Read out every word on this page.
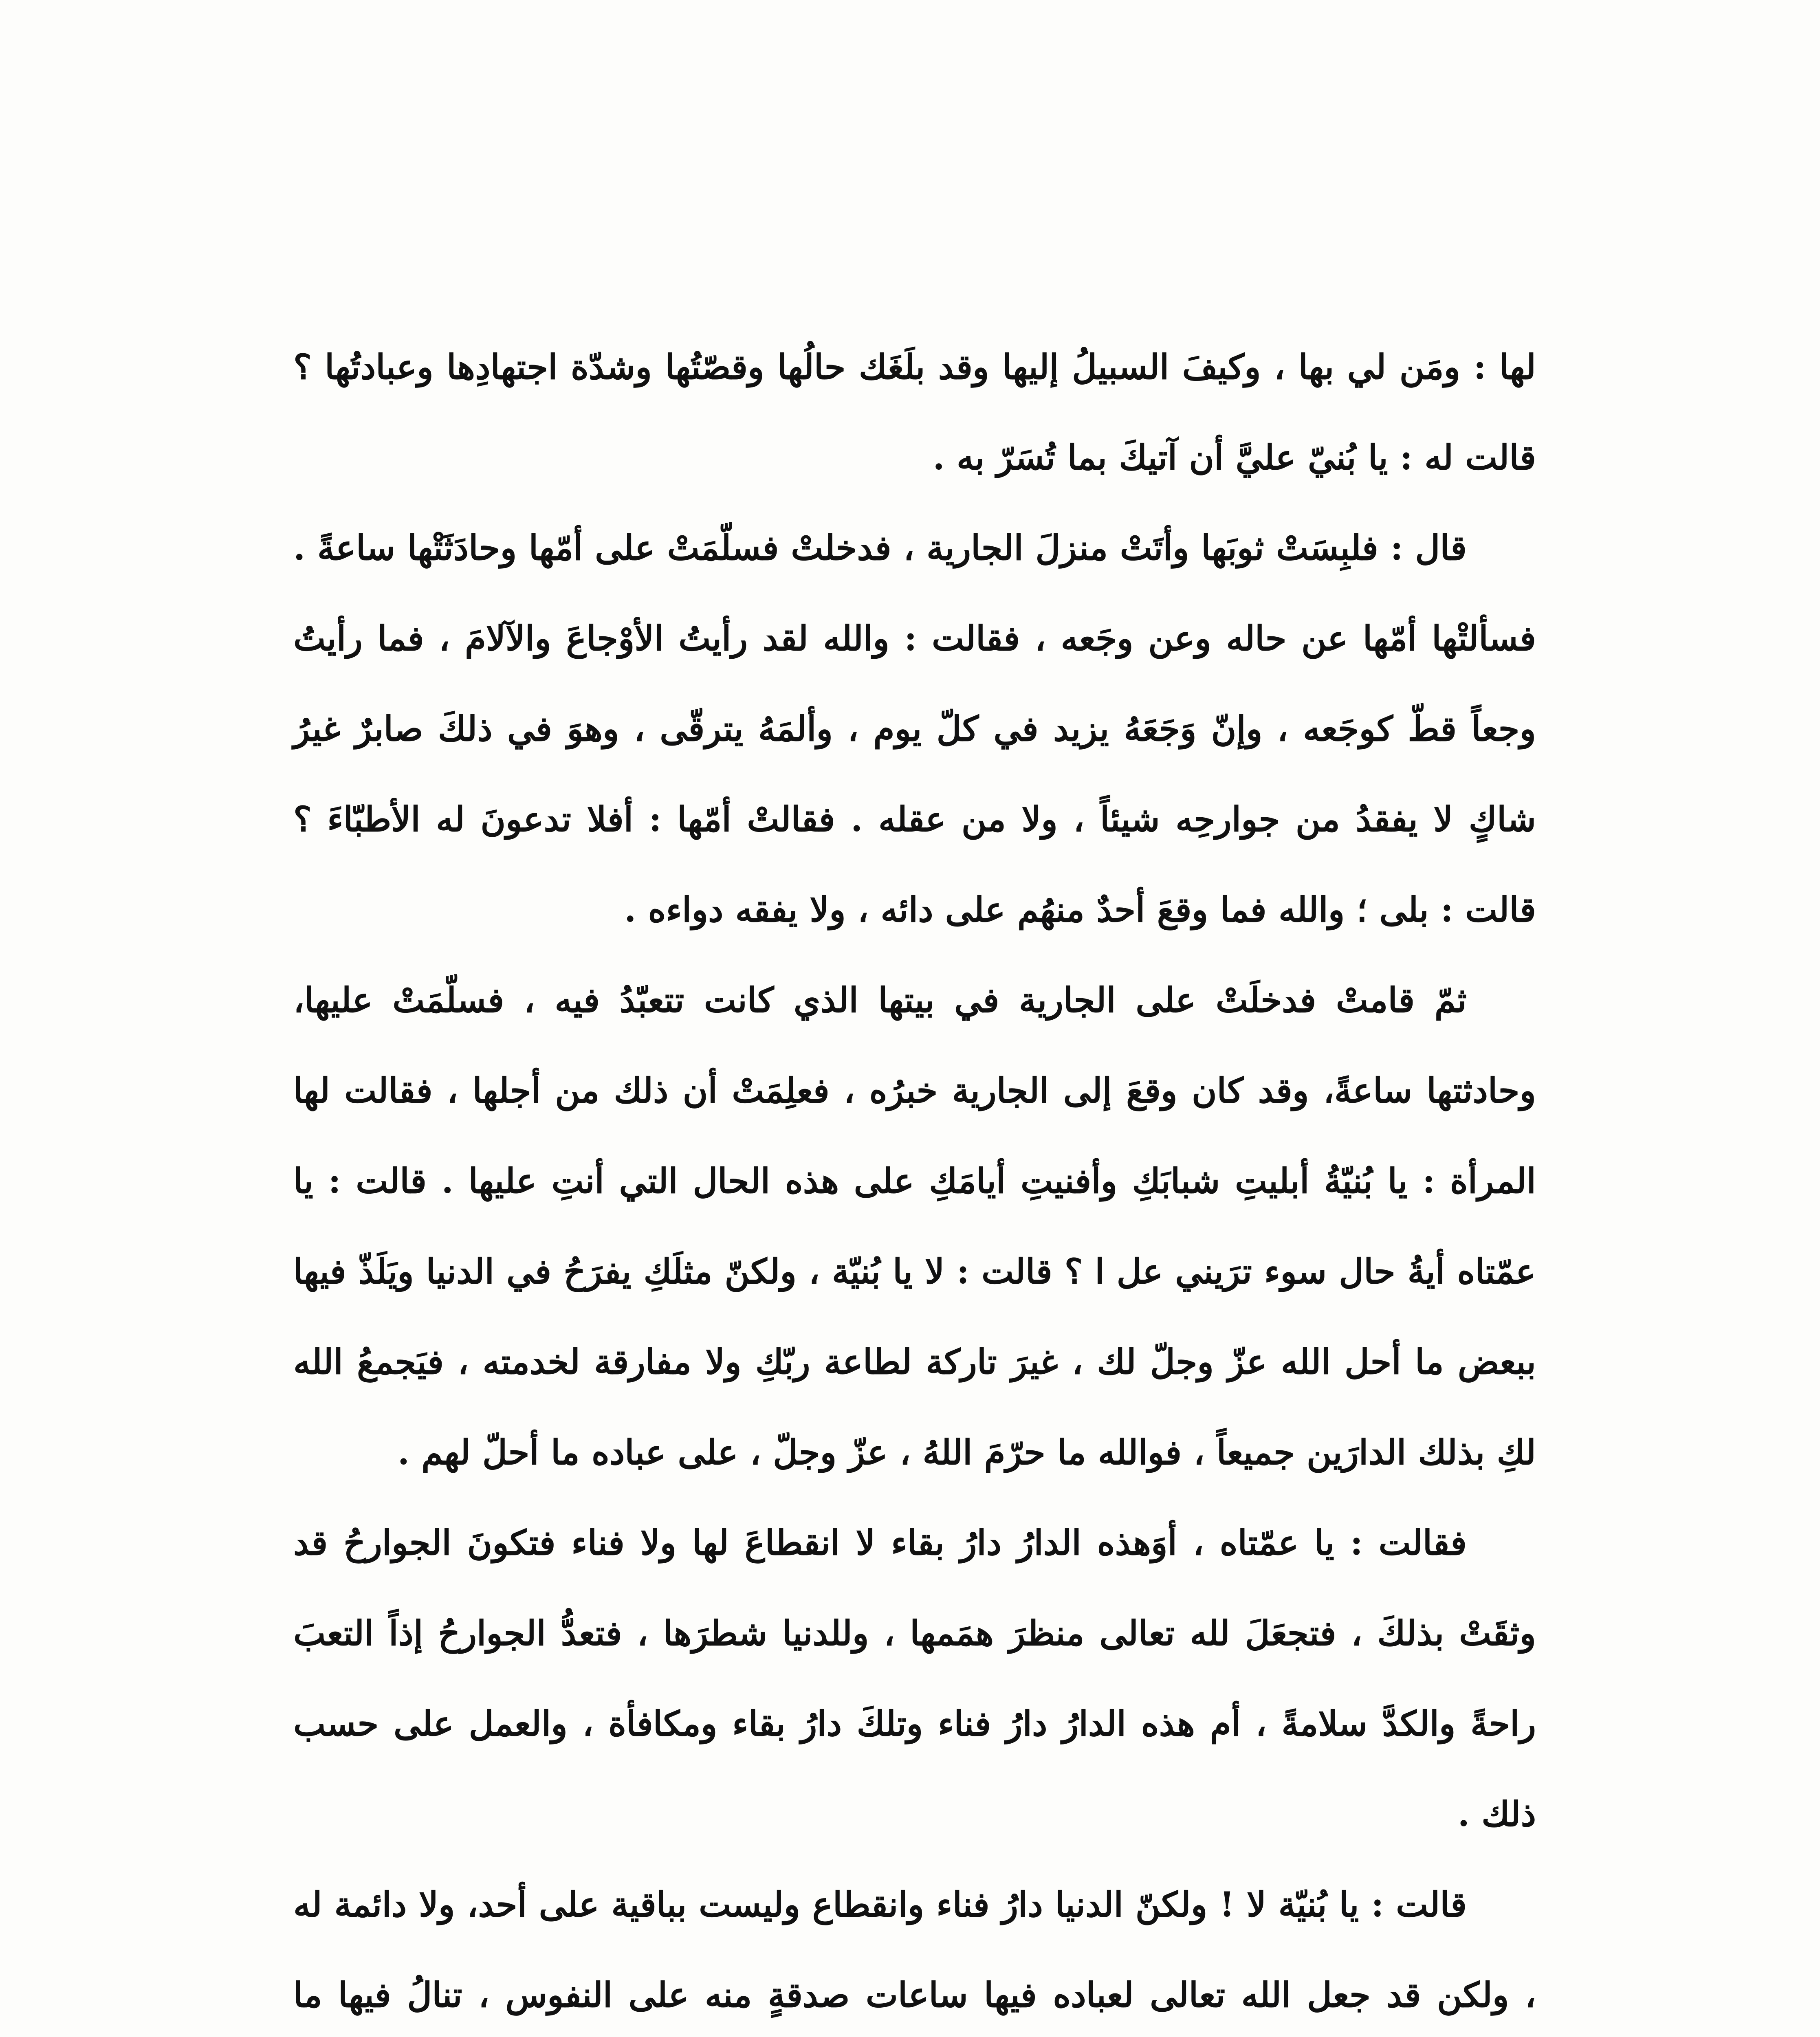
لها : ومَن لي بها ، وكيفَ السبيلُ إليها وقد بلَغَك حالُها وقصّتُها وشدّة اجتهادِها وعبادتُها ؟ قالت له : يا بُنيّ عليَّ أن آتيكَ بما تُسَرّ به .

قال : فلبِسَتْ ثوبَها وأتَتْ منزلَ الجارية ، فدخلتْ فسلّمَتْ على أمّها وحادَثَتْها ساعةً . فسألتْها أمّها عن حاله وعن وجَعه ، فقالت : والله لقد رأيتُ الأوْجاعَ والآلامَ ، فما رأيتُ وجعاً قطّ كوجَعه ، وإنّ وَجَعَهُ يزيد في كلّ يوم ، وألمَهُ يترقّى ، وهوَ في ذلكَ صابرٌ غيرُ شاكٍ لا يفقدُ من جوارحِه شيئاً ، ولا من عقله . فقالتْ أمّها : أفلا تدعونَ له الأطبّاءَ ؟ قالت : بلى ؛ والله فما وقعَ أحدٌ منهُم على دائه ، ولا يفقه دواءه .

ثمّ قامتْ فدخلَتْ على الجارية في بيتها الذي كانت تتعبّدُ فيه ، فسلّمَتْ عليها، وحادثتها ساعةً، وقد كان وقعَ إلى الجارية خبرُه ، فعلِمَتْ أن ذلك من أجلها ، فقالت لها المرأة : يا بُنيّةُ أبليتِ شبابَكِ وأفنيتِ أيامَكِ على هذه الحال التي أنتِ عليها . قالت : يا عمّتاه أيةُ حال سوء ترَيني عل ا ؟ قالت : لا يا بُنيّة ، ولكنّ مثلَكِ يفرَحُ في الدنيا ويَلَذّ فيها ببعض ما أحل الله عزّ وجلّ لك ، غيرَ تاركة لطاعة ربّكِ ولا مفارقة لخدمته ، فيَجمعُ الله لكِ بذلك الدارَين جميعاً ، فوالله ما حرّمَ اللهُ ، عزّ وجلّ ، على عباده ما أحلّ لهم .

فقالت : يا عمّتاه ، أوَهذه الدارُ دارُ بقاء لا انقطاعَ لها ولا فناء فتكونَ الجوارحُ قد وثقَتْ بذلكَ ، فتجعَلَ لله تعالى منظرَ همَمها ، وللدنيا شطرَها ، فتعدُّ الجوارحُ إذاً التعبَ راحةً والكدَّ سلامةً ، أم هذه الدارُ دارُ فناء وتلكَ دارُ بقاء ومكافأة ، والعمل على حسب ذلك .

قالت : يا بُنيّة لا ! ولكنّ الدنيا دارُ فناء وانقطاع وليست بباقية على أحد، ولا دائمة له ، ولكن قد جعل الله تعالى لعباده فيها ساعات صدقةٍ منه على النفوس ، تنالُ فيها ما
